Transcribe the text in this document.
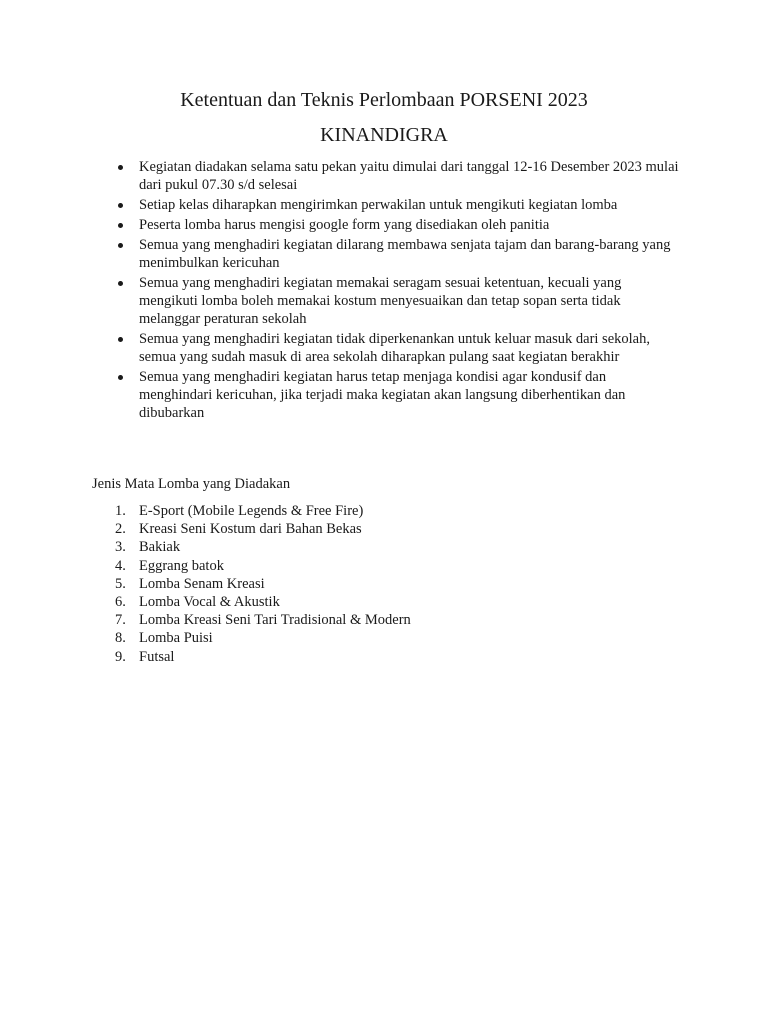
Ketentuan dan Teknis Perlombaan PORSENI 2023
KINANDIGRA
Kegiatan diadakan selama satu pekan yaitu dimulai dari tanggal 12-16 Desember 2023 mulai dari pukul 07.30 s/d selesai
Setiap kelas diharapkan mengirimkan perwakilan untuk mengikuti kegiatan lomba
Peserta lomba harus mengisi google form yang disediakan oleh panitia
Semua yang menghadiri kegiatan dilarang membawa senjata tajam dan barang-barang yang menimbulkan kericuhan
Semua yang menghadiri kegiatan memakai seragam sesuai ketentuan, kecuali yang mengikuti lomba boleh memakai kostum menyesuaikan dan tetap sopan serta tidak melanggar peraturan sekolah
Semua yang menghadiri kegiatan tidak diperkenankan untuk keluar masuk dari sekolah, semua yang sudah masuk di area sekolah diharapkan pulang saat kegiatan berakhir
Semua yang menghadiri kegiatan harus tetap menjaga kondisi agar kondusif dan menghindari kericuhan, jika terjadi maka kegiatan akan langsung diberhentikan dan dibubarkan

Jenis Mata Lomba yang Diadakan

1. E-Sport (Mobile Legends & Free Fire)
2. Kreasi Seni Kostum dari Bahan Bekas
3. Bakiak
4. Eggrang batok
5. Lomba Senam Kreasi
6. Lomba Vocal & Akustik
7. Lomba Kreasi Seni Tari Tradisional & Modern
8. Lomba Puisi
9. Futsal
